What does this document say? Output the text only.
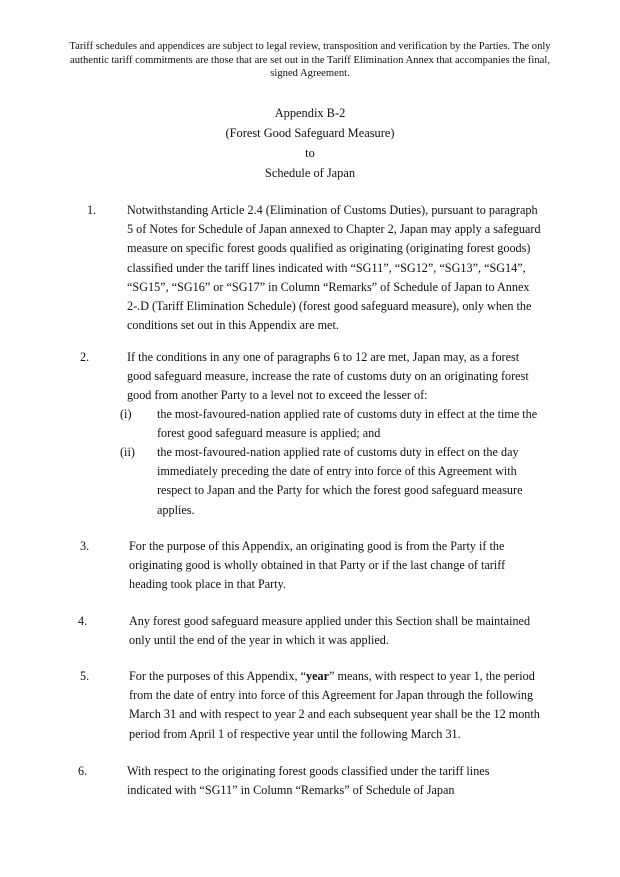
Tariff schedules and appendices are subject to legal review, transposition and verification by the Parties. The only authentic tariff commitments are those that are set out in the Tariff Elimination Annex that accompanies the final, signed Agreement.
Appendix B-2
(Forest Good Safeguard Measure)
to
Schedule of Japan
1.	Notwithstanding Article 2.4 (Elimination of Customs Duties), pursuant to paragraph 5 of Notes for Schedule of Japan annexed to Chapter 2, Japan may apply a safeguard measure on specific forest goods qualified as originating (originating forest goods) classified under the tariff lines indicated with “SG11”, “SG12”, “SG13”, “SG14”, “SG15”, “SG16” or “SG17” in Column “Remarks” of Schedule of Japan to Annex 2-.D (Tariff Elimination Schedule) (forest good safeguard measure), only when the conditions set out in this Appendix are met.
2.	If the conditions in any one of paragraphs 6 to 12 are met, Japan may, as a forest good safeguard measure, increase the rate of customs duty on an originating forest good from another Party to a level not to exceed the lesser of:
(i) the most-favoured-nation applied rate of customs duty in effect at the time the forest good safeguard measure is applied; and
(ii) the most-favoured-nation applied rate of customs duty in effect on the day immediately preceding the date of entry into force of this Agreement with respect to Japan and the Party for which the forest good safeguard measure applies.
3.	For the purpose of this Appendix, an originating good is from the Party if the originating good is wholly obtained in that Party or if the last change of tariff heading took place in that Party.
4.	Any forest good safeguard measure applied under this Section shall be maintained only until the end of the year in which it was applied.
5.	For the purposes of this Appendix, “year” means, with respect to year 1, the period from the date of entry into force of this Agreement for Japan through the following March 31 and with respect to year 2 and each subsequent year shall be the 12 month period from April 1 of respective year until the following March 31.
6.	With respect to the originating forest goods classified under the tariff lines indicated with “SG11” in Column “Remarks” of Schedule of Japan
